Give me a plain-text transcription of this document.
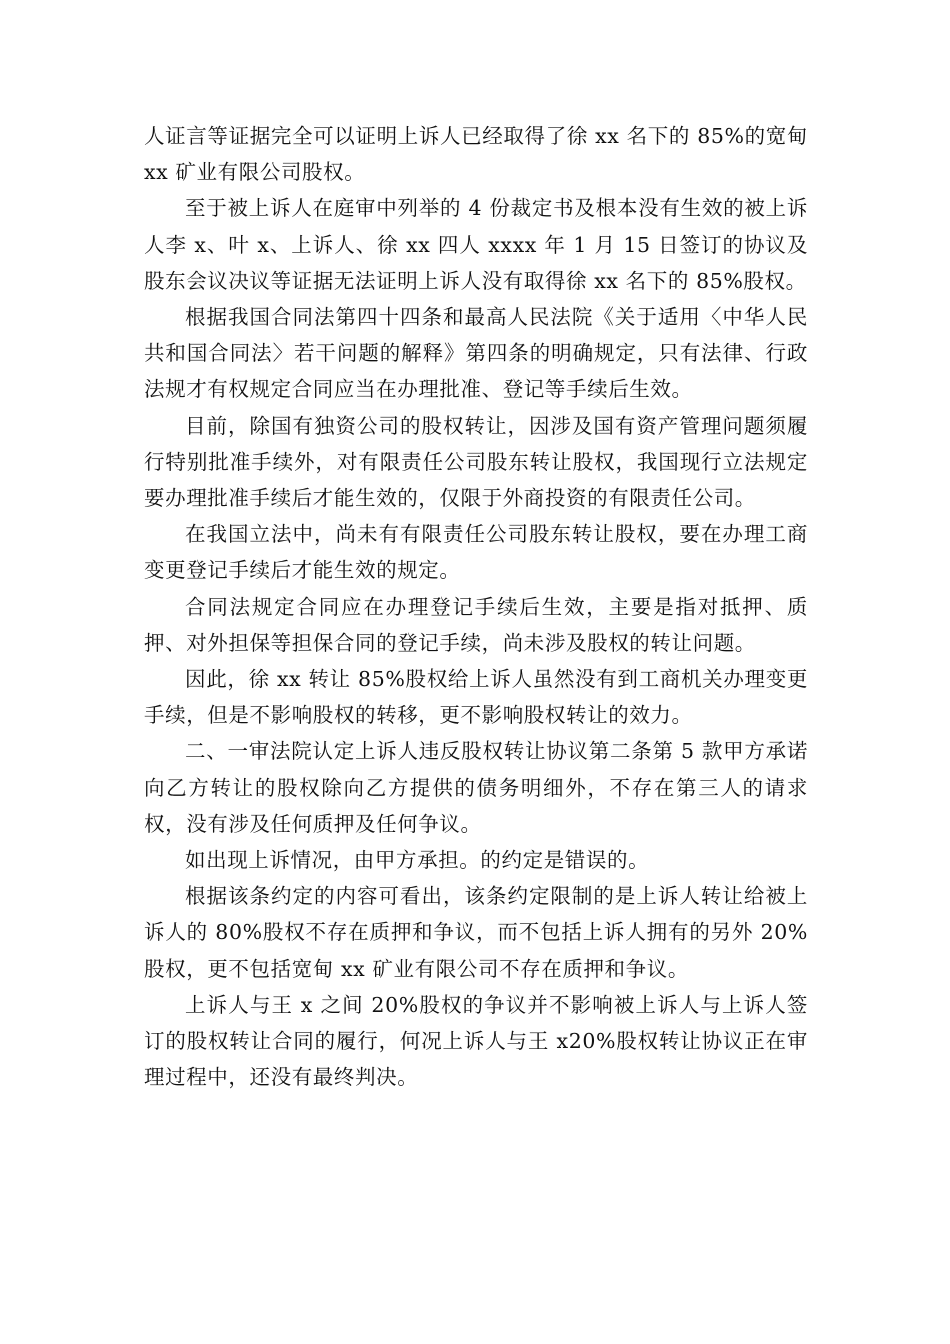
人证言等证据完全可以证明上诉人已经取得了徐 xx 名下的 85%的宽甸 xx 矿业有限公司股权。

至于被上诉人在庭审中列举的 4 份裁定书及根本没有生效的被上诉人李 x、叶 x、上诉人、徐 xx 四人 xxxx 年 1 月 15 日签订的协议及股东会议决议等证据无法证明上诉人没有取得徐 xx 名下的 85%股权。

根据我国合同法第四十四条和最高人民法院《关于适用〈中华人民共和国合同法〉若干问题的解释》第四条的明确规定，只有法律、行政法规才有权规定合同应当在办理批准、登记等手续后生效。

目前，除国有独资公司的股权转让，因涉及国有资产管理问题须履行特别批准手续外，对有限责任公司股东转让股权，我国现行立法规定要办理批准手续后才能生效的，仅限于外商投资的有限责任公司。

在我国立法中，尚未有有限责任公司股东转让股权，要在办理工商变更登记手续后才能生效的规定。

合同法规定合同应在办理登记手续后生效，主要是指对抵押、质押、对外担保等担保合同的登记手续，尚未涉及股权的转让问题。

因此，徐 xx 转让 85%股权给上诉人虽然没有到工商机关办理变更手续，但是不影响股权的转移，更不影响股权转让的效力。

二、一审法院认定上诉人违反股权转让协议第二条第 5 款甲方承诺向乙方转让的股权除向乙方提供的债务明细外，不存在第三人的请求权，没有涉及任何质押及任何争议。

如出现上诉情况，由甲方承担。的约定是错误的。

根据该条约定的内容可看出，该条约定限制的是上诉人转让给被上诉人的 80%股权不存在质押和争议，而不包括上诉人拥有的另外 20%股权，更不包括宽甸 xx 矿业有限公司不存在质押和争议。

上诉人与王 x 之间 20%股权的争议并不影响被上诉人与上诉人签订的股权转让合同的履行，何况上诉人与王 x20%股权转让协议正在审理过程中，还没有最终判决。
